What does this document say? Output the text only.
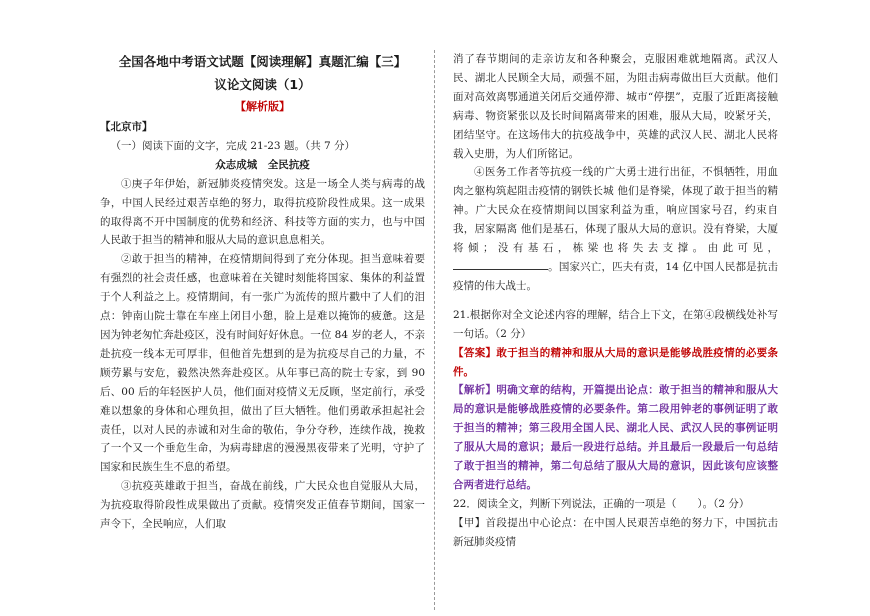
全国各地中考语文试题【阅读理解】真题汇编【三】

议论文阅读（1）

【解析版】

【北京市】

（一）阅读下面的文字，完成 21-23 题。（共 7 分）

众志成城　全民抗疫

①庚子年伊始，新冠肺炎疫情突发。这是一场全人类与病毒的战争，中国人民经过艰苦卓绝的努力，取得抗疫阶段性成果。这一成果的取得离不开中国制度的优势和经济、科技等方面的实力，也与中国人民敢于担当的精神和服从大局的意识息息相关。

②敢于担当的精神，在疫情期间得到了充分体现。担当意味着要有强烈的社会责任感，也意味着在关键时刻能将国家、集体的利益置于个人利益之上。疫情期间，有一张广为流传的照片戳中了人们的泪点：钟南山院士靠在车座上闭目小憩，脸上是难以掩饰的疲惫。这是因为钟老匆忙奔赴疫区，没有时间好好休息。一位 84 岁的老人，不亲赴抗疫一线本无可厚非，但他首先想到的是为抗疫尽自己的力量，不顾劳累与安危，毅然决然奔赴疫区。从年事已高的院士专家，到 90 后、00 后的年轻医护人员，他们面对疫情义无反顾，坚定前行，承受难以想象的身体和心理负担，做出了巨大牺牲。他们勇敢承担起社会责任，以对人民的赤诚和对生命的敬佑，争分夺秒，连续作战，挽救了一个又一个垂危生命，为病毒肆虐的漫漫黑夜带来了光明，守护了国家和民族生生不息的希望。

③抗疫英雄敢于担当，奋战在前线，广大民众也自觉服从大局，为抗疫取得阶段性成果做出了贡献。疫情突发正值春节期间，国家一声令下，全民响应，人们取

消了春节期间的走亲访友和各种聚会，克服困难就地隔离。武汉人民、湖北人民顾全大局，顽强不屈，为阻击病毒做出巨大贡献。他们面对高效离鄂通道关闭后交通停滞、城市“停摆”，克服了近距离接触病毒、物资紧张以及长时间隔离带来的困难，服从大局，咬紧牙关，团结坚守。在这场伟大的抗疫战争中，英雄的武汉人民、湖北人民将载入史册，为人们所铭记。

④医务工作者等抗疫一线的广大勇士进行出征，不惧牺牲，用血肉之躯构筑起阻击疫情的钢铁长城 他们是脊梁，体现了敢于担当的精神。广大民众在疫情期间以国家利益为重，响应国家号召，约束自我，居家隔离 他们是基石，体现了服从大局的意识。没有脊梁，大厦将倾；没有基石，栋梁也将失去支撑。由此可见，。国家兴亡，匹夫有责，14 亿中国人民都是抗击疫情的伟大战士。

21.根据你对全文论述内容的理解，结合上下文，在第④段横线处补写一句话。（2 分）

【答案】敢于担当的精神和服从大局的意识是能够战胜疫情的必要条件。

【解析】明确文章的结构，开篇提出论点：敢于担当的精神和服从大局的意识是能够战胜疫情的必要条件。第二段用钟老的事例证明了敢于担当的精神；第三段用全国人民、湖北人民、武汉人民的事例证明了服从大局的意识；最后一段进行总结。并且最后一段最后一句总结了敢于担当的精神，第二句总结了服从大局的意识，因此该句应该整合两者进行总结。

22．阅读全文，判断下列说法，正确的一项是（　　）。（2 分）

【甲】首段提出中心论点：在中国人民艰苦卓绝的努力下，中国抗击新冠肺炎疫情
